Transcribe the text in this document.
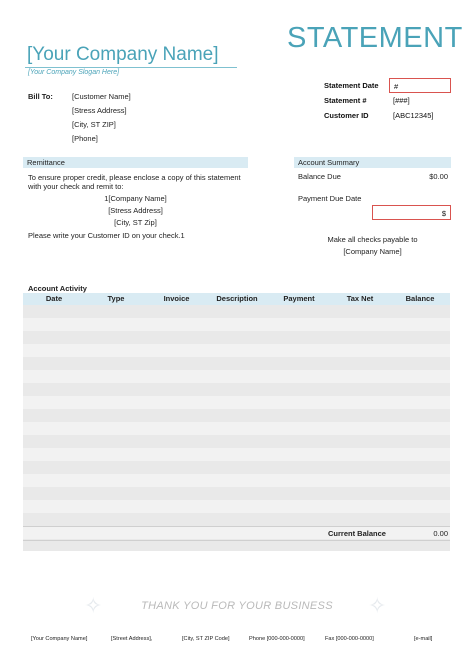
STATEMENT
[Your Company Name]
[Your Company Slogan Here]
Bill To:	[Customer Name]
[Stress Address]
[City, ST ZIP]
[Phone]
Statement Date #
Statement #	[###]
Customer ID	[ABC12345]
Remittance
To ensure proper credit, please enclose a copy of this statement
with your check and remit to:
1[Company Name]
[Stress Address]
[City, ST Zip]
Please write your Customer ID on your check.1
Account Summary
Balance Due	$0.00
Payment Due Date
$
Make all checks payable to
[Company Name]
Account Activity
Date	Type	Invoice	Description	Payment	Tax Net	Balance
Current Balance	0.00
✧	✧
THANK YOU FOR YOUR BUSINESS
[Your Company Name]	[Street Address],	[City, ST ZIP Code]	Phone [000-000-0000]	Fax [000-000-0000]	[e-mail]
